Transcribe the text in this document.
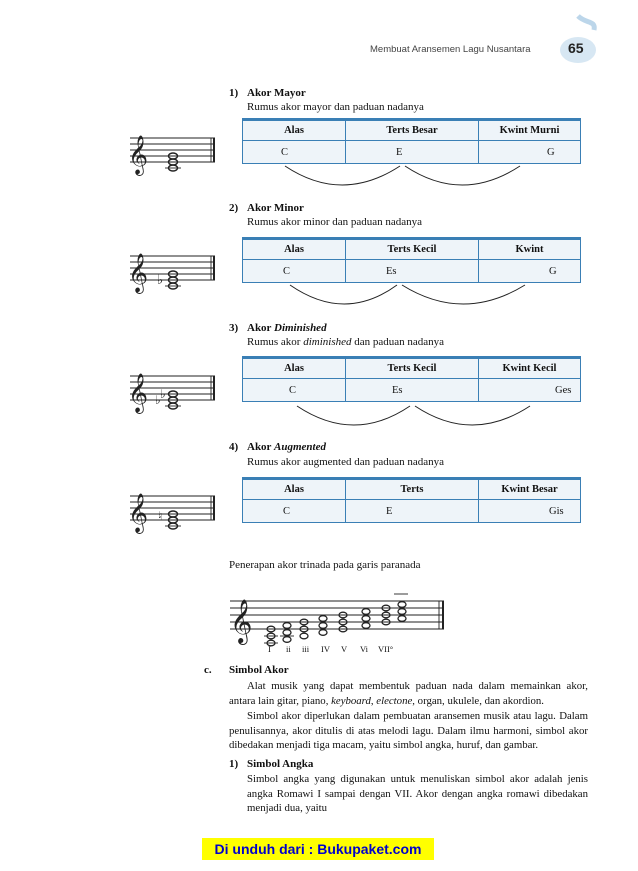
Membuat Aransemen Lagu Nusantara	65
1) Akor Mayor
Rumus akor mayor dan paduan nadanya
𝄞
Alas	Terts Besar	Kwint Murni
C	E	G
2) Akor Minor
Rumus akor minor dan paduan nadanya
𝄞 ♭
Alas	Terts Kecil	Kwint
C	Es	G
3) Akor Diminished
Rumus akor diminished dan paduan nadanya
𝄞 ♭ ♭
Alas	Terts Kecil	Kwint Kecil
C	Es	Ges
4) Akor Augmented
Rumus akor augmented dan paduan nadanya
𝄞 ♮
Alas	Terts	Kwint Besar
C	E	Gis
Penerapan akor trinada pada garis paranada
𝄞
I ii iii IV V Vi VII°
c. Simbol Akor
Alat musik yang dapat membentuk paduan nada dalam memainkan akor, antara lain gitar, piano, keyboard, electone, organ, ukulele, dan akordion.
Simbol akor diperlukan dalam pembuatan aransemen musik atau lagu. Dalam penulisannya, akor ditulis di atas melodi lagu. Dalam ilmu harmoni, simbol akor dibedakan menjadi tiga macam, yaitu simbol angka, huruf, dan gambar.
1) Simbol Angka
Simbol angka yang digunakan untuk menuliskan simbol akor adalah jenis angka Romawi I sampai dengan VII. Akor dengan angka romawi dibedakan menjadi dua, yaitu
Di unduh dari : Bukupaket.com
